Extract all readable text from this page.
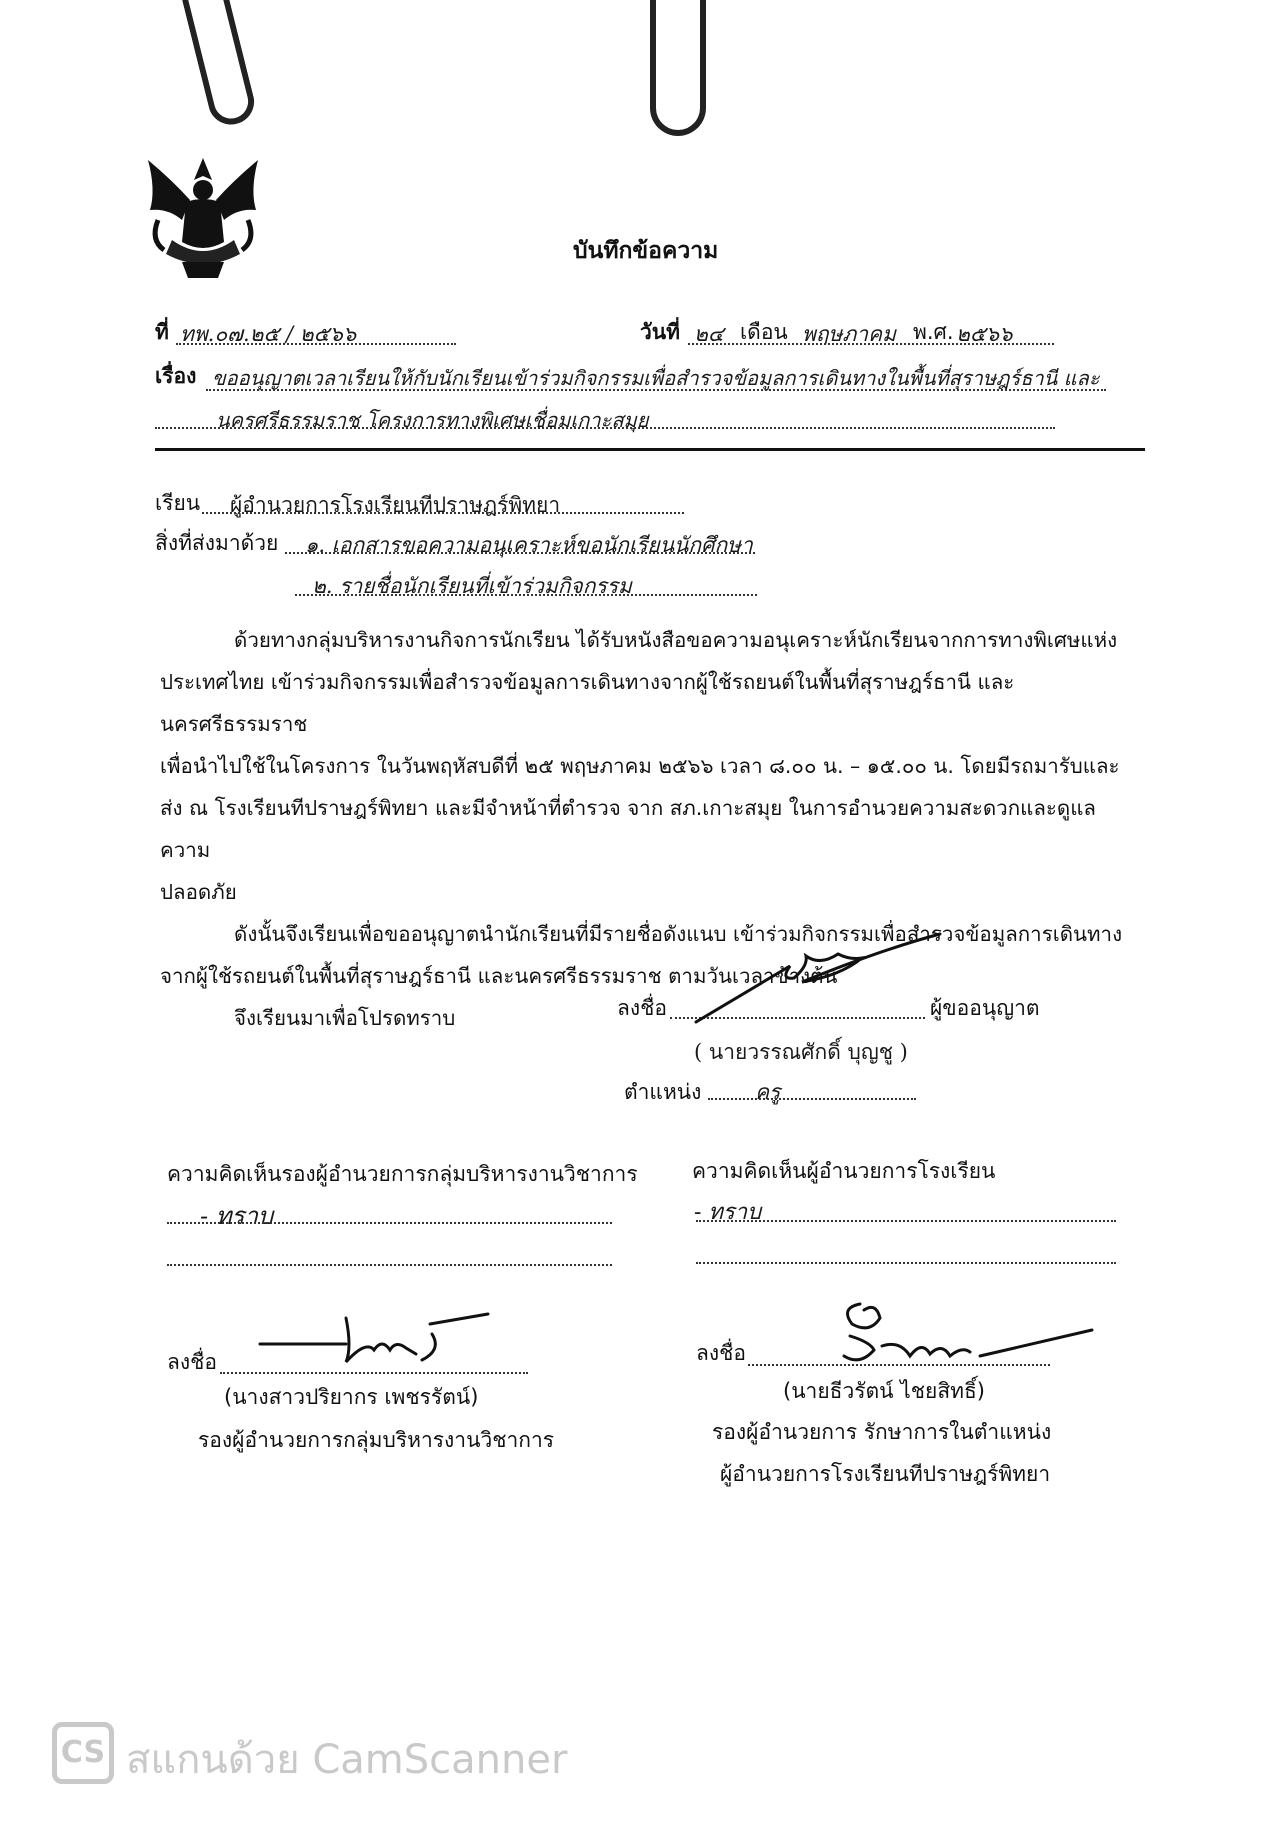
บันทึกข้อความ
ที่ ทพ.๐๗.๒๕ / ๒๕๖๖	วันที่ ๒๔ เดือน พฤษภาคม พ.ศ. ๒๕๖๖
เรื่อง ขออนุญาตเวลาเรียนให้กับนักเรียนเข้าร่วมกิจกรรมเพื่อสำรวจข้อมูลการเดินทางในพื้นที่สุราษฎร์ธานี และ
นครศรีธรรมราช โครงการทางพิเศษเชื่อมเกาะสมุย
เรียน ผู้อำนวยการโรงเรียนทีปราษฎร์พิทยา
สิ่งที่ส่งมาด้วย ๑. เอกสารขอความอนุเคราะห์ขอนักเรียนนักศึกษา
๒. รายชื่อนักเรียนที่เข้าร่วมกิจกรรม

ด้วยทางกลุ่มบริหารงานกิจการนักเรียน ได้รับหนังสือขอความอนุเคราะห์นักเรียนจากการทางพิเศษแห่ง

ประเทศไทย เข้าร่วมกิจกรรมเพื่อสำรวจข้อมูลการเดินทางจากผู้ใช้รถยนต์ในพื้นที่สุราษฎร์ธานี และนครศรีธรรมราช

เพื่อนำไปใช้ในโครงการ ในวันพฤหัสบดีที่ ๒๕ พฤษภาคม ๒๕๖๖ เวลา ๘.๐๐ น. – ๑๕.๐๐ น. โดยมีรถมารับและ

ส่ง ณ โรงเรียนทีปราษฎร์พิทยา และมีจำหน้าที่ตำรวจ จาก สภ.เกาะสมุย ในการอำนวยความสะดวกและดูแลความ

ปลอดภัย

ดังนั้นจึงเรียนเพื่อขออนุญาตนำนักเรียนที่มีรายชื่อดังแนบ เข้าร่วมกิจกรรมเพื่อสำรวจข้อมูลการเดินทาง

จากผู้ใช้รถยนต์ในพื้นที่สุราษฎร์ธานี และนครศรีธรรมราช ตามวันเวลาข้างต้น

จึงเรียนมาเพื่อโปรดทราบ	ลงชื่อ	ผู้ขออนุญาต
( นายวรรณศักดิ์ บุญชู )
ตำแหน่ง	ครู
ความคิดเห็นรองผู้อำนวยการกลุ่มบริหารงานวิชาการ
- ทราบ
ลงชื่อ
(นางสาวปริยากร เพชรรัตน์)
รองผู้อำนวยการกลุ่มบริหารงานวิชาการ
ความคิดเห็นผู้อำนวยการโรงเรียน
- ทราบ
ลงชื่อ
(นายธีวรัตน์ ไชยสิทธิ์)
รองผู้อำนวยการ รักษาการในตำแหน่ง
ผู้อำนวยการโรงเรียนทีปราษฎร์พิทยา
CS สแกนด้วย CamScanner
